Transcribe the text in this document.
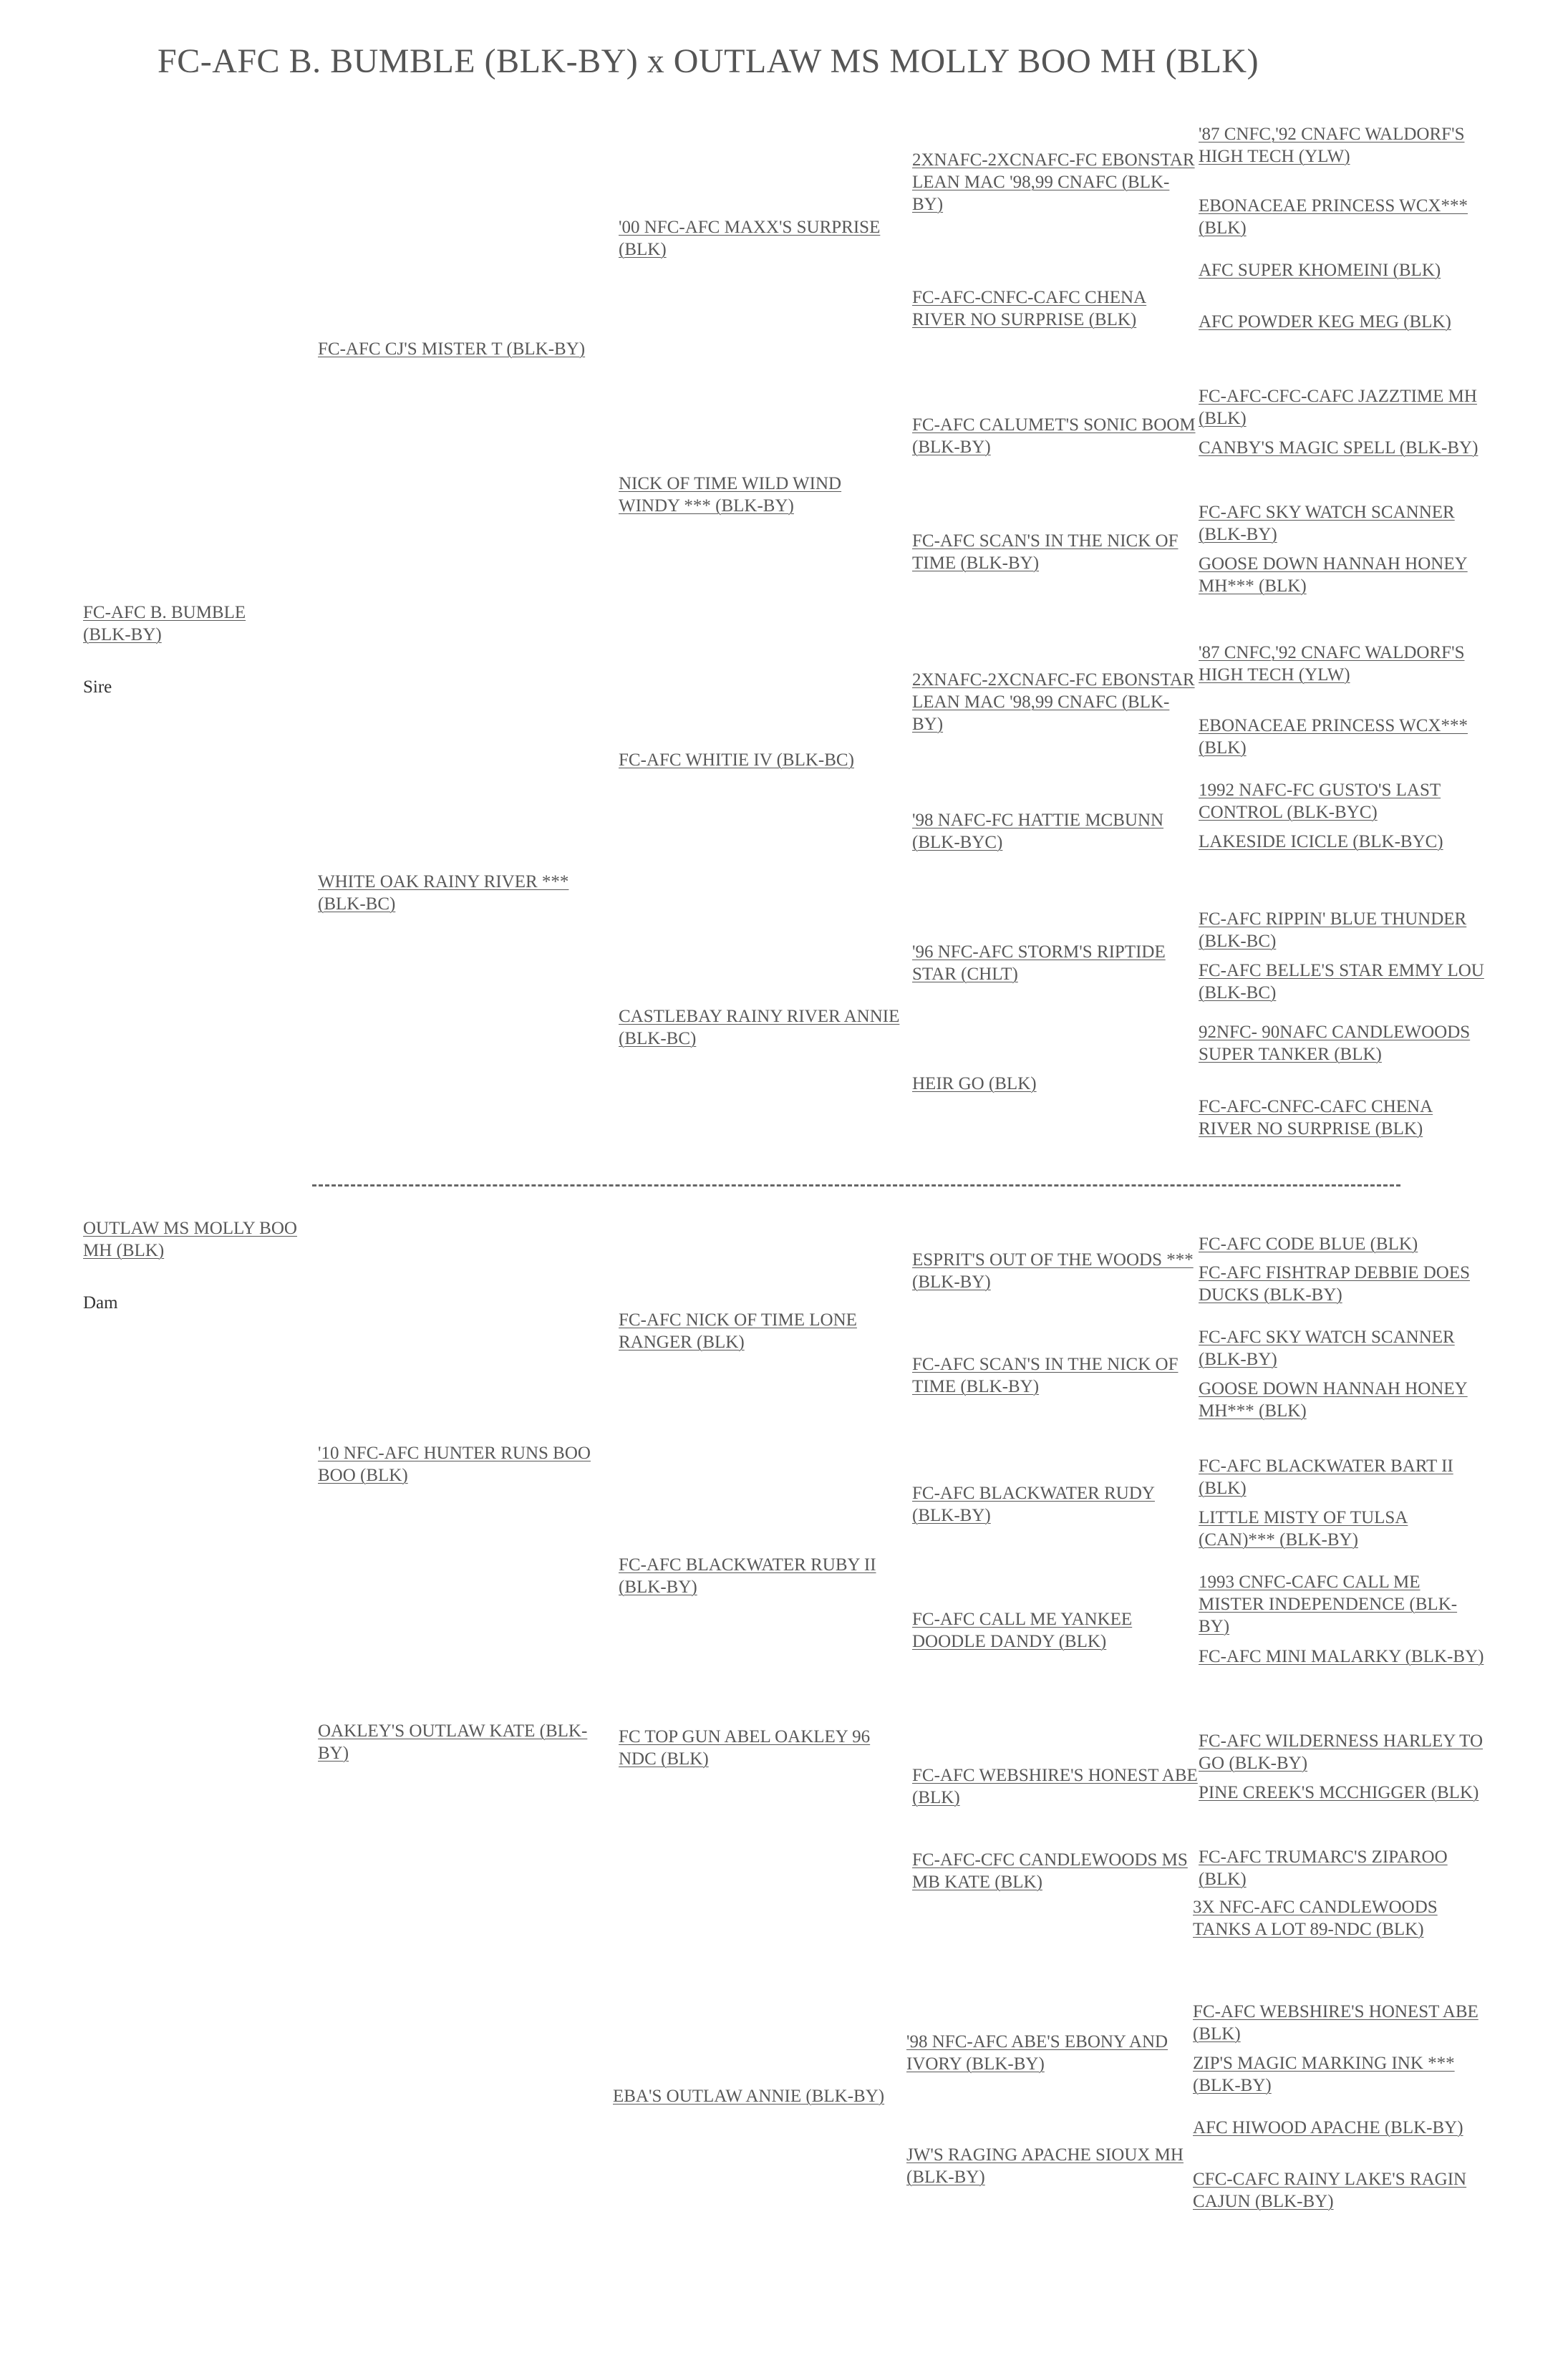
FC-AFC B. BUMBLE (BLK-BY) x OUTLAW MS MOLLY BOO MH (BLK)
FC-AFC B. BUMBLE (BLK-BY)
Sire
FC-AFC CJ'S MISTER T (BLK-BY)
WHITE OAK RAINY RIVER *** (BLK-BC)
'00 NFC-AFC MAXX'S SURPRISE (BLK)
NICK OF TIME WILD WIND WINDY *** (BLK-BY)
FC-AFC WHITIE IV (BLK-BC)
CASTLEBAY RAINY RIVER ANNIE (BLK-BC)
2XNAFC-2XCNAFC-FC EBONSTAR LEAN MAC '98,99 CNAFC (BLK-BY)
FC-AFC-CNFC-CAFC CHENA RIVER NO SURPRISE (BLK)
FC-AFC CALUMET'S SONIC BOOM (BLK-BY)
FC-AFC SCAN'S IN THE NICK OF TIME (BLK-BY)
2XNAFC-2XCNAFC-FC EBONSTAR LEAN MAC '98,99 CNAFC (BLK-BY)
'98 NAFC-FC HATTIE MCBUNN (BLK-BYC)
'96 NFC-AFC STORM'S RIPTIDE STAR (CHLT)
HEIR GO (BLK)
'87 CNFC,'92 CNAFC WALDORF'S HIGH TECH (YLW)
EBONACEAE PRINCESS WCX*** (BLK)
AFC SUPER KHOMEINI (BLK)
AFC POWDER KEG MEG (BLK)
FC-AFC-CFC-CAFC JAZZTIME MH (BLK)
CANBY'S MAGIC SPELL (BLK-BY)
FC-AFC SKY WATCH SCANNER (BLK-BY)
GOOSE DOWN HANNAH HONEY MH*** (BLK)
'87 CNFC,'92 CNAFC WALDORF'S HIGH TECH (YLW)
EBONACEAE PRINCESS WCX*** (BLK)
1992 NAFC-FC GUSTO'S LAST CONTROL (BLK-BYC)
LAKESIDE ICICLE (BLK-BYC)
FC-AFC RIPPIN' BLUE THUNDER (BLK-BC)
FC-AFC BELLE'S STAR EMMY LOU (BLK-BC)
92NFC- 90NAFC CANDLEWOODS SUPER TANKER (BLK)
FC-AFC-CNFC-CAFC CHENA RIVER NO SURPRISE (BLK)
OUTLAW MS MOLLY BOO MH (BLK)
Dam
'10 NFC-AFC HUNTER RUNS BOO BOO (BLK)
OAKLEY'S OUTLAW KATE (BLK-BY)
FC-AFC NICK OF TIME LONE RANGER (BLK)
FC-AFC BLACKWATER RUBY II (BLK-BY)
FC TOP GUN ABEL OAKLEY 96 NDC (BLK)
EBA'S OUTLAW ANNIE (BLK-BY)
ESPRIT'S OUT OF THE WOODS *** (BLK-BY)
FC-AFC SCAN'S IN THE NICK OF TIME (BLK-BY)
FC-AFC BLACKWATER RUDY (BLK-BY)
FC-AFC CALL ME YANKEE DOODLE DANDY (BLK)
FC-AFC WEBSHIRE'S HONEST ABE (BLK)
FC-AFC-CFC CANDLEWOODS MS MB KATE (BLK)
'98 NFC-AFC ABE'S EBONY AND IVORY (BLK-BY)
JW'S RAGING APACHE SIOUX MH (BLK-BY)
FC-AFC CODE BLUE (BLK)
FC-AFC FISHTRAP DEBBIE DOES DUCKS (BLK-BY)
FC-AFC SKY WATCH SCANNER (BLK-BY)
GOOSE DOWN HANNAH HONEY MH*** (BLK)
FC-AFC BLACKWATER BART II (BLK)
LITTLE MISTY OF TULSA (CAN)*** (BLK-BY)
1993 CNFC-CAFC CALL ME MISTER INDEPENDENCE (BLK-BY)
FC-AFC MINI MALARKY (BLK-BY)
FC-AFC WILDERNESS HARLEY TO GO (BLK-BY)
PINE CREEK'S MCCHIGGER (BLK)
FC-AFC TRUMARC'S ZIPAROO (BLK)
3X NFC-AFC CANDLEWOODS TANKS A LOT 89-NDC (BLK)
FC-AFC WEBSHIRE'S HONEST ABE (BLK)
ZIP'S MAGIC MARKING INK *** (BLK-BY)
AFC HIWOOD APACHE (BLK-BY)
CFC-CAFC RAINY LAKE'S RAGIN CAJUN (BLK-BY)
